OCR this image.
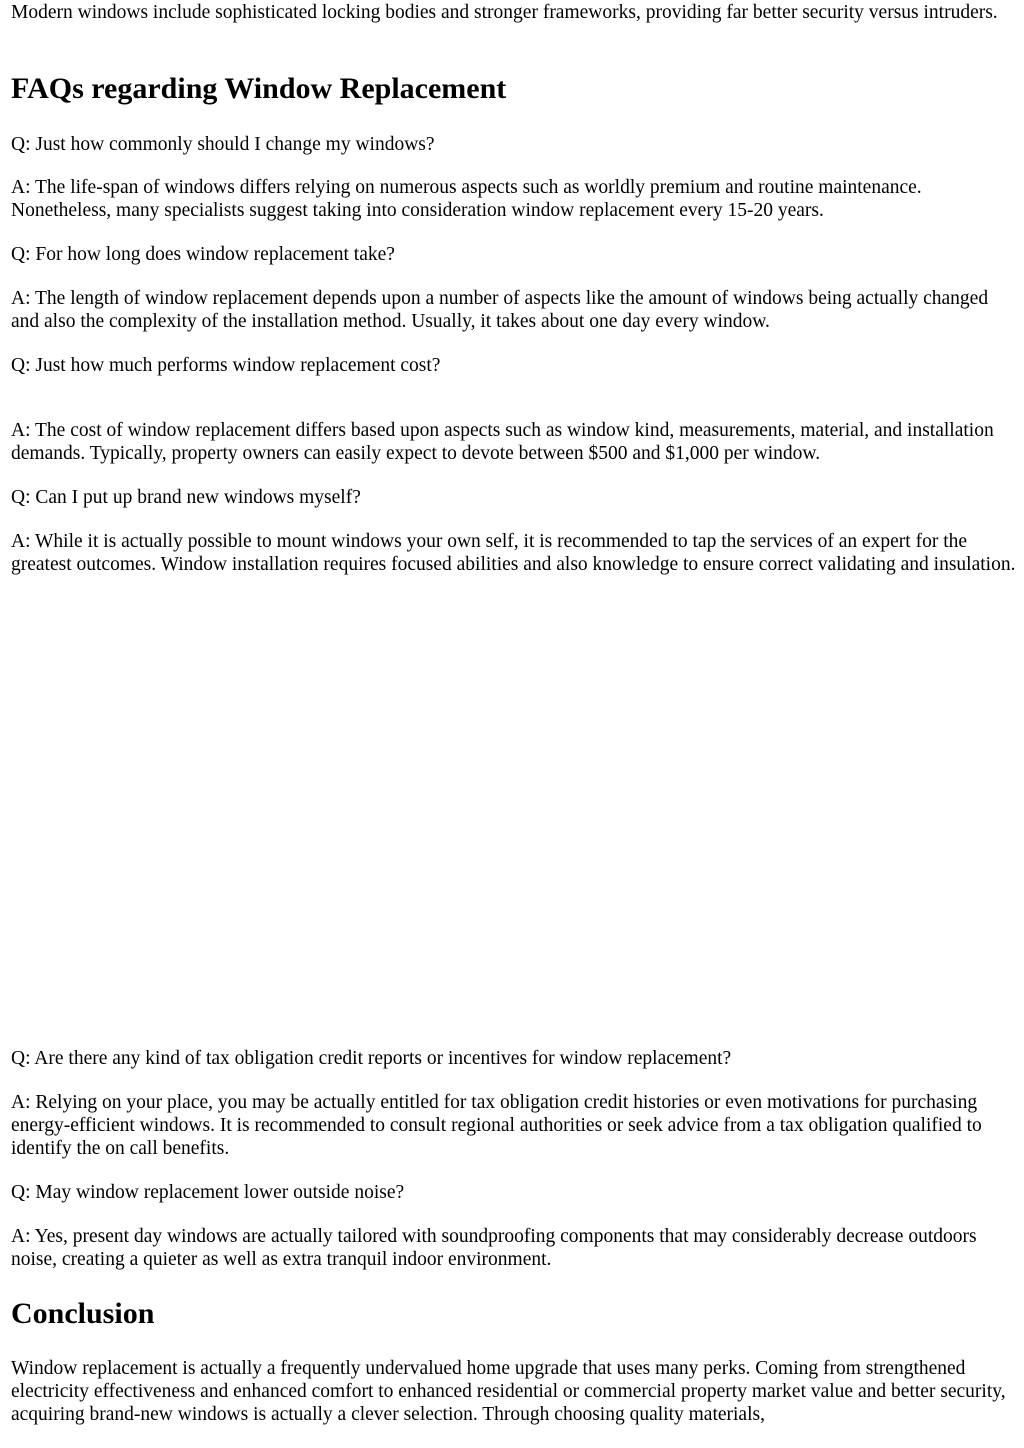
Modern windows include sophisticated locking bodies and stronger frameworks, providing far better security versus intruders.

FAQs regarding Window Replacement

Q: Just how commonly should I change my windows?

A: The life-span of windows differs relying on numerous aspects such as worldly premium and routine maintenance. Nonetheless, many specialists suggest taking into consideration window replacement every 15-20 years.

Q: For how long does window replacement take?

A: The length of window replacement depends upon a number of aspects like the amount of windows being actually changed and also the complexity of the installation method. Usually, it takes about one day every window.

Q: Just how much performs window replacement cost?

A: The cost of window replacement differs based upon aspects such as window kind, measurements, material, and installation demands. Typically, property owners can easily expect to devote between $500 and $1,000 per window.

Q: Can I put up brand new windows myself?

A: While it is actually possible to mount windows your own self, it is recommended to tap the services of an expert for the greatest outcomes. Window installation requires focused abilities and also knowledge to ensure correct validating and insulation.

Q: Are there any kind of tax obligation credit reports or incentives for window replacement?

A: Relying on your place, you may be actually entitled for tax obligation credit histories or even motivations for purchasing energy-efficient windows. It is recommended to consult regional authorities or seek advice from a tax obligation qualified to identify the on call benefits.

Q: May window replacement lower outside noise?

A: Yes, present day windows are actually tailored with soundproofing components that may considerably decrease outdoors noise, creating a quieter as well as extra tranquil indoor environment.

Conclusion

Window replacement is actually a frequently undervalued home upgrade that uses many perks. Coming from strengthened electricity effectiveness and enhanced comfort to enhanced residential or commercial property market value and better security, acquiring brand-new windows is actually a clever selection. Through choosing quality materials,
